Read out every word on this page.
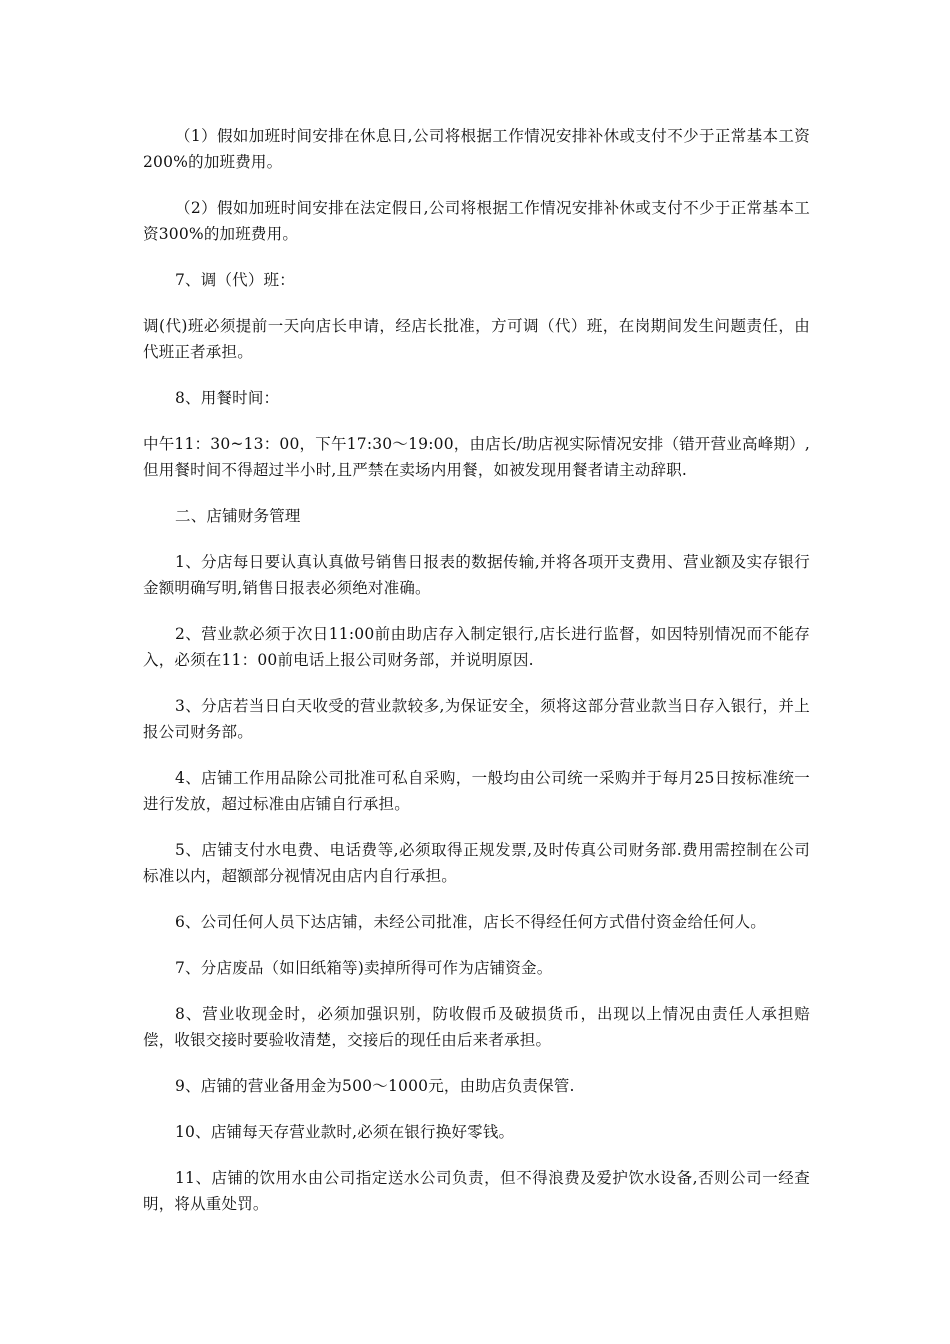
（1）假如加班时间安排在休息日,公司将根据工作情况安排补休或支付不少于正常基本工资200%的加班费用。

（2）假如加班时间安排在法定假日,公司将根据工作情况安排补休或支付不少于正常基本工资300%的加班费用。

7、调（代）班：

调(代)班必须提前一天向店长申请，经店长批准，方可调（代）班，在岗期间发生问题责任，由代班正者承担。

8、用餐时间：

中午11：30~13：00，下午17:30～19:00，由店长/助店视实际情况安排（错开营业高峰期）,但用餐时间不得超过半小时,且严禁在卖场内用餐，如被发现用餐者请主动辞职.

二、店铺财务管理

1、分店每日要认真认真做号销售日报表的数据传输,并将各项开支费用、营业额及实存银行金额明确写明,销售日报表必须绝对准确。

2、营业款必须于次日11:00前由助店存入制定银行,店长进行监督，如因特别情况而不能存入，必须在11：00前电话上报公司财务部，并说明原因.

3、分店若当日白天收受的营业款较多,为保证安全，须将这部分营业款当日存入银行，并上报公司财务部。

4、店铺工作用品除公司批准可私自采购，一般均由公司统一采购并于每月25日按标准统一进行发放，超过标准由店铺自行承担。

5、店铺支付水电费、电话费等,必须取得正规发票,及时传真公司财务部.费用需控制在公司标准以内，超额部分视情况由店内自行承担。

6、公司任何人员下达店铺，未经公司批准，店长不得经任何方式借付资金给任何人。

7、分店废品（如旧纸箱等)卖掉所得可作为店铺资金。

8、营业收现金时，必须加强识别，防收假币及破损货币，出现以上情况由责任人承担赔偿，收银交接时要验收清楚，交接后的现任由后来者承担。

9、店铺的营业备用金为500～1000元，由助店负责保管.

10、店铺每天存营业款时,必须在银行换好零钱。

11、店铺的饮用水由公司指定送水公司负责，但不得浪费及爱护饮水设备,否则公司一经查明，将从重处罚。
